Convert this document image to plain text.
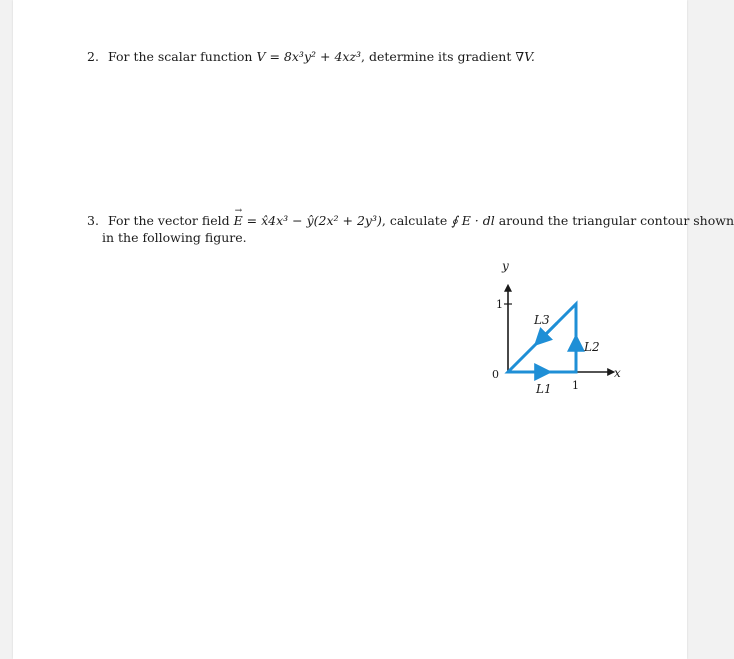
2. For the scalar function V = 8x³y² + 4xz³, determine its gradient ∇V.
3. For the vector field → E = x̂4x³ − ŷ(2x² + 2y³), calculate ∮ E · dl around the triangular contour shown
in the following figure.
y
x
0
1
1
L1
L2
L3
